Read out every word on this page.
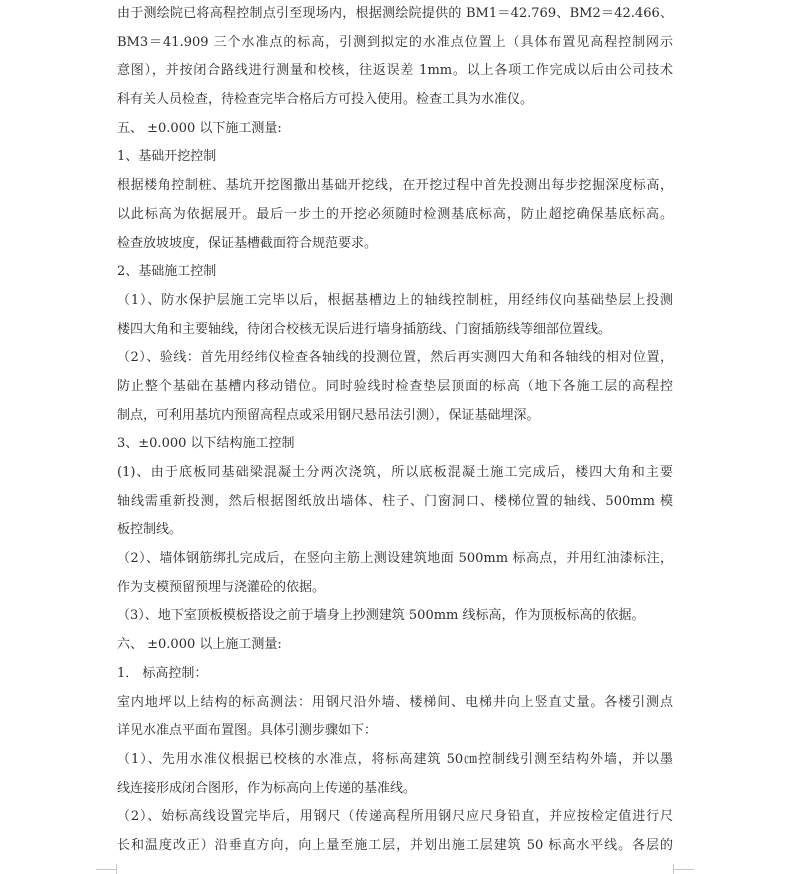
由于测绘院已将高程控制点引至现场内，根据测绘院提供的 BM1＝42.769、BM2＝42.466、
BM3＝41.909 三个水准点的标高，引测到拟定的水准点位置上（具体布置见高程控制网示
意图），并按闭合路线进行测量和校核，往返误差 1mm。以上各项工作完成以后由公司技术
科有关人员检查，待检查完毕合格后方可投入使用。检查工具为水准仪。
五、 ±0.000 以下施工测量:
1、基础开挖控制
根据楼角控制桩、基坑开挖图撒出基础开挖线，在开挖过程中首先投测出每步挖掘深度标高，
以此标高为依据展开。最后一步土的开挖必须随时检测基底标高，防止超挖确保基底标高。
检查放坡坡度，保证基槽截面符合规范要求。
2、基础施工控制
（1）、防水保护层施工完毕以后，根据基槽边上的轴线控制桩，用经纬仪向基础垫层上投测
楼四大角和主要轴线，待闭合校核无误后进行墙身插筋线、门窗插筋线等细部位置线。
（2）、验线：首先用经纬仪检查各轴线的投测位置，然后再实测四大角和各轴线的相对位置，
防止整个基础在基槽内移动错位。同时验线时检查垫层顶面的标高（地下各施工层的高程控
制点，可利用基坑内预留高程点或采用钢尺悬吊法引测），保证基础埋深。
3、±0.000 以下结构施工控制
(1)、由于底板同基础梁混凝土分两次浇筑，所以底板混凝土施工完成后，楼四大角和主要
轴线需重新投测，然后根据图纸放出墙体、柱子、门窗洞口、楼梯位置的轴线、500mm 模
板控制线。
（2）、墙体钢筋绑扎完成后，在竖向主筋上测设建筑地面 500mm 标高点，并用红油漆标注，
作为支模预留预埋与浇灌砼的依据。
（3）、地下室顶板模板搭设之前于墙身上抄测建筑 500mm 线标高，作为顶板标高的依据。
六、 ±0.000 以上施工测量:
1． 标高控制：
室内地坪以上结构的标高测法：用钢尺沿外墙、楼梯间、电梯井向上竖直丈量。各楼引测点
详见水准点平面布置图。具体引测步骤如下：
（1）、先用水准仪根据已校核的水准点，将标高建筑 50㎝控制线引测至结构外墙，并以墨
线连接形成闭合图形，作为标高向上传递的基准线。
（2）、始标高线设置完毕后，用钢尺（传递高程所用钢尺应尺身铅直，并应按检定值进行尺
长和温度改正）沿垂直方向，向上量至施工层，并划出施工层建筑 50 标高水平线。各层的
